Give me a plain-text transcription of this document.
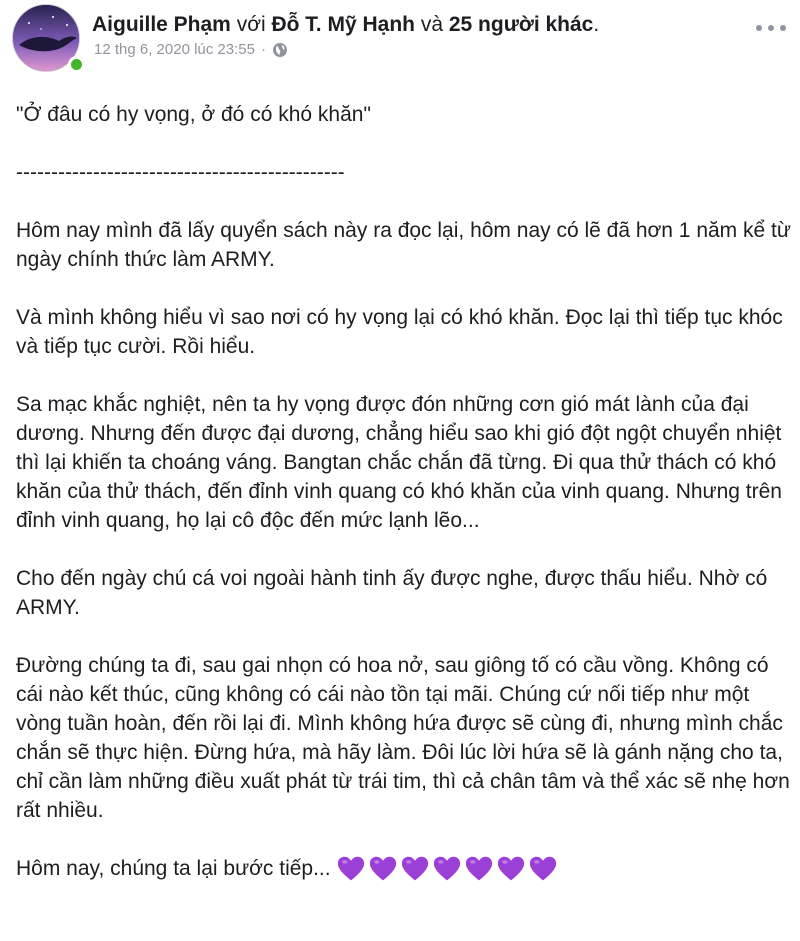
Aiguille Phạm với Đỗ T. Mỹ Hạnh và 25 người khác.
12 thg 6, 2020 lúc 23:55 ·

"Ở đâu có hy vọng, ở đó có khó khăn"

-----------------------------------------------

Hôm nay mình đã lấy quyển sách này ra đọc lại, hôm nay có lẽ đã hơn 1 năm kể từ ngày chính thức làm ARMY.

Và mình không hiểu vì sao nơi có hy vọng lại có khó khăn. Đọc lại thì tiếp tục khóc và tiếp tục cười. Rồi hiểu.

Sa mạc khắc nghiệt, nên ta hy vọng được đón những cơn gió mát lành của đại dương. Nhưng đến được đại dương, chẳng hiểu sao khi gió đột ngột chuyển nhiệt thì lại khiến ta choáng váng. Bangtan chắc chắn đã từng. Đi qua thử thách có khó khăn của thử thách, đến đỉnh vinh quang có khó khăn của vinh quang. Nhưng trên đỉnh vinh quang, họ lại cô độc đến mức lạnh lẽo...

Cho đến ngày chú cá voi ngoài hành tinh ấy được nghe, được thấu hiểu. Nhờ có ARMY.

Đường chúng ta đi, sau gai nhọn có hoa nở, sau giông tố có cầu vồng. Không có cái nào kết thúc, cũng không có cái nào tồn tại mãi. Chúng cứ nối tiếp như một vòng tuần hoàn, đến rồi lại đi. Mình không hứa được sẽ cùng đi, nhưng mình chắc chắn sẽ thực hiện. Đừng hứa, mà hãy làm. Đôi lúc lời hứa sẽ là gánh nặng cho ta, chỉ cần làm những điều xuất phát từ trái tim, thì cả chân tâm và thể xác sẽ nhẹ hơn rất nhiều.

Hôm nay, chúng ta lại bước tiếp...
